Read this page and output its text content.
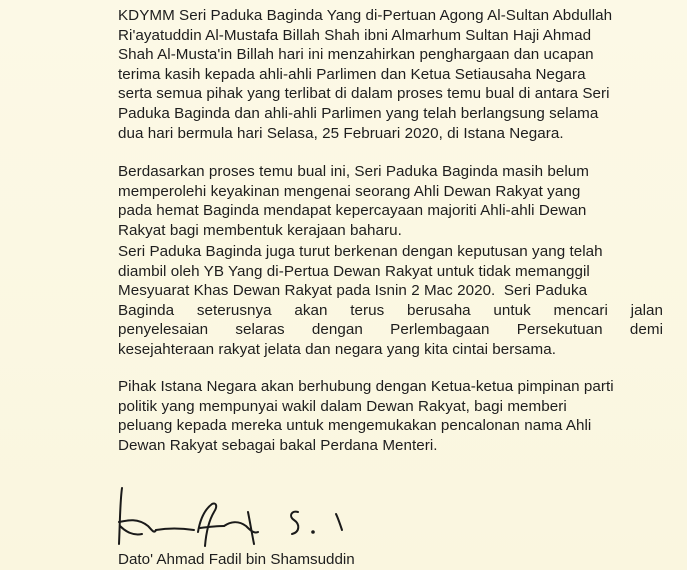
KDYMM Seri Paduka Baginda Yang di-Pertuan Agong Al-Sultan Abdullah

Ri'ayatuddin Al-Mustafa Billah Shah ibni Almarhum Sultan Haji Ahmad

Shah Al-Musta'in Billah hari ini menzahirkan penghargaan dan ucapan

terima kasih kepada ahli-ahli Parlimen dan Ketua Setiausaha Negara

serta semua pihak yang terlibat di dalam proses temu bual di antara Seri

Paduka Baginda dan ahli-ahli Parlimen yang telah berlangsung selama

dua hari bermula hari Selasa, 25 Februari 2020, di Istana Negara.

Berdasarkan proses temu bual ini, Seri Paduka Baginda masih belum

memperolehi keyakinan mengenai seorang Ahli Dewan Rakyat yang

pada hemat Baginda mendapat kepercayaan majoriti Ahli-ahli Dewan

Rakyat bagi membentuk kerajaan baharu.

Seri Paduka Baginda juga turut berkenan dengan keputusan yang telah

diambil oleh YB Yang di-Pertua Dewan Rakyat untuk tidak memanggil

Mesyuarat Khas Dewan Rakyat pada Isnin 2 Mac 2020.  Seri Paduka

Baginda seterusnya akan terus berusaha untuk mencari jalan

penyelesaian selaras dengan Perlembagaan Persekutuan demi

kesejahteraan rakyat jelata dan negara yang kita cintai bersama.

Pihak Istana Negara akan berhubung dengan Ketua-ketua pimpinan parti

politik yang mempunyai wakil dalam Dewan Rakyat, bagi memberi

peluang kepada mereka untuk mengemukakan pencalonan nama Ahli

Dewan Rakyat sebagai bakal Perdana Menteri.

Dato' Ahmad Fadil bin Shamsuddin
